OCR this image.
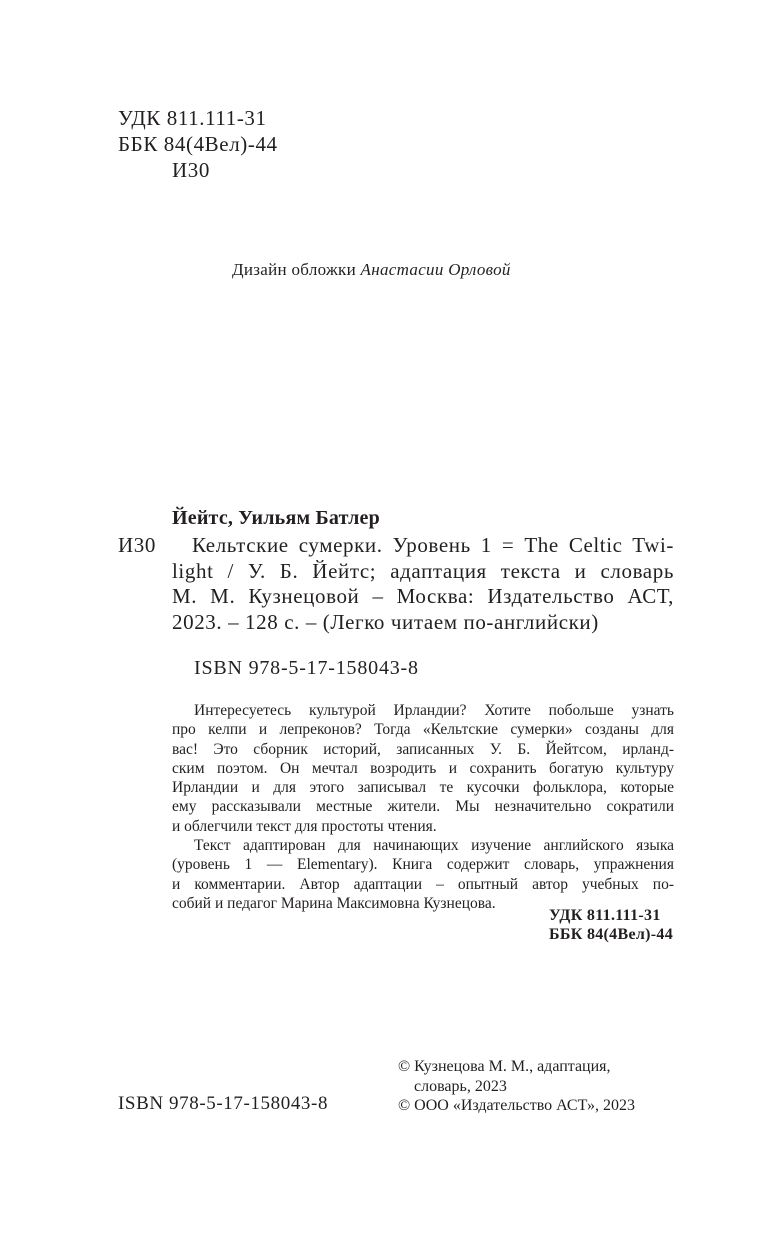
УДК 811.111-31
ББК 84(4Вел)-44
И30
Дизайн обложки Анастасии Орловой
Йейтс, Уильям Батлер
И30	Кельтские сумерки. Уровень 1 = The Celtic Twi-
light / У. Б. Йейтс; адаптация текста и словарь
М. М. Кузнецовой – Москва: Издательство АСТ,
2023. – 128 с. – (Легко читаем по-английски)
ISBN 978-5-17-158043-8
Интересуетесь культурой Ирландии? Хотите побольше узнать
про келпи и лепреконов? Тогда «Кельтские сумерки» созданы для
вас! Это сборник историй, записанных У. Б. Йейтсом, ирланд-
ским поэтом. Он мечтал возродить и сохранить богатую культуру
Ирландии и для этого записывал те кусочки фольклора, которые
ему рассказывали местные жители. Мы незначительно сократили
и облегчили текст для простоты чтения.
Текст адаптирован для начинающих изучение английского языка
(уровень 1 — Elementary). Книга содержит словарь, упражнения
и комментарии. Автор адаптации – опытный автор учебных по-
собий и педагог Марина Максимовна Кузнецова.
УДК 811.111-31
ББК 84(4Вел)-44
© Кузнецова М. М., адаптация,
словарь, 2023
© ООО «Издательство АСТ», 2023
ISBN 978-5-17-158043-8
